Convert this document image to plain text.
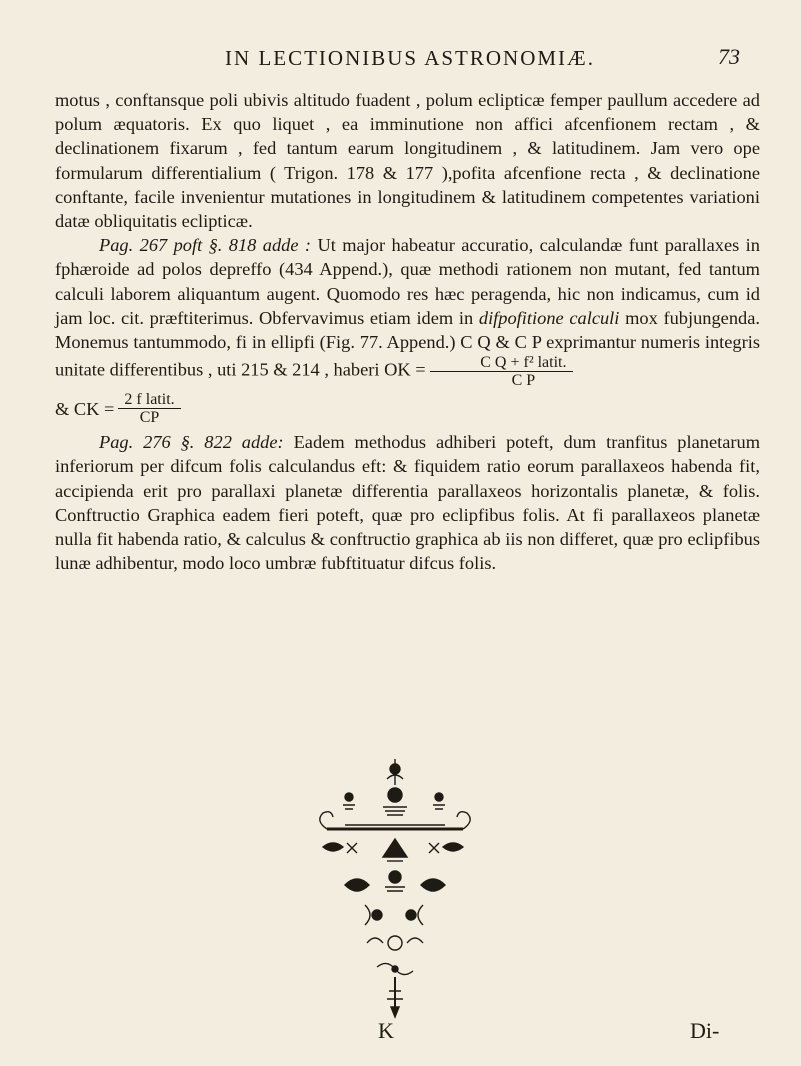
IN LECTIONIBUS ASTRONOMIÆ.	73

motus , conftansque poli ubivis altitudo fuadent , polum eclipticæ femper paullum accedere ad polum æquatoris. Ex quo liquet , ea imminutione non affici afcenfionem rectam , & declinationem fixarum , fed tantum earum longitudinem , & latitudinem. Jam vero ope formularum differentialium ( Trigon. 178 & 177 ),pofita afcenfione recta , & declinatione conftante, facile invenientur mutationes in longitudinem & latitudinem competentes variationi datæ obliquitatis eclipticæ.

Pag. 267 poft §. 818 adde : Ut major habeatur accuratio, calculandæ funt parallaxes in fphæroide ad polos depreffo (434 Append.), quæ methodi rationem non mutant, fed tantum calculi laborem aliquantum augent. Quomodo res hæc peragenda, hic non indicamus, cum id jam loc. cit. præftiterimus. Obfervavimus etiam idem in difpofitione calculi mox fubjungenda. Monemus tantummodo, fi in ellipfi (Fig. 77. Append.) C Q & C P exprimantur numeris integris unitate differentibus , uti 215 & 214 , haberi OK = $\frac{\text{C Q + f² latit.}}{\text{C P}}$

& CK = $\frac{\text{2 f latit.}}{CP}$

Pag. 276 §. 822 adde: Eadem methodus adhiberi poteft, dum tranfitus planetarum inferiorum per difcum folis calculandus eft: & fiquidem ratio eorum parallaxeos habenda fit, accipienda erit pro parallaxi planetæ differentia parallaxeos horizontalis planetæ, & folis. Conftructio Graphica eadem fieri poteft, quæ pro eclipfibus folis. At fi parallaxeos planetæ nulla fit habenda ratio, & calculus & conftructio graphica ab iis non differet, quæ pro eclipfibus lunæ adhibentur, modo loco umbræ fubftituatur difcus folis.

K	Di-
